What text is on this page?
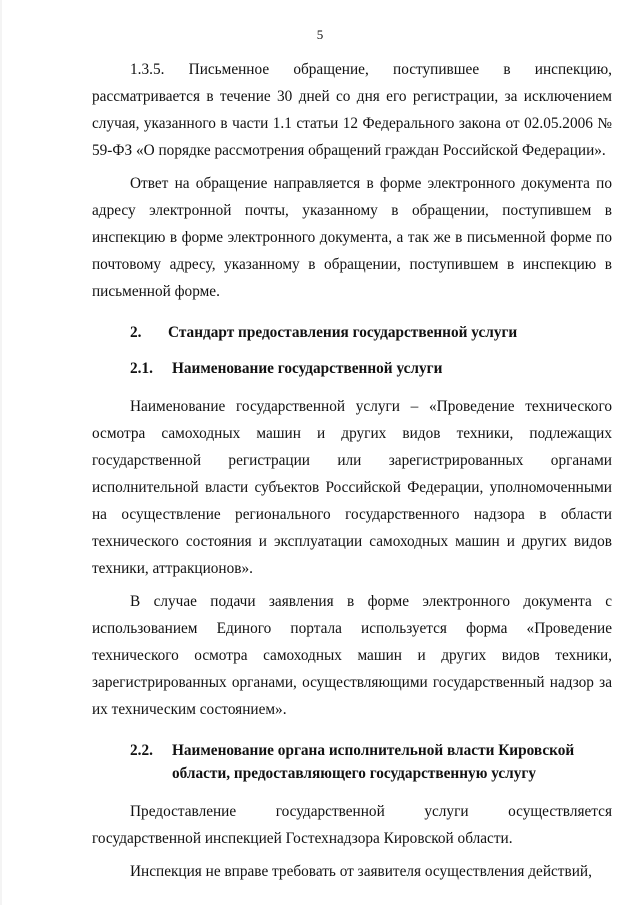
5

1.3.5. Письменное обращение, поступившее в инспекцию, рассматривается в течение 30 дней со дня его регистрации, за исключением случая, указанного в части 1.1 статьи 12 Федерального закона от 02.05.2006 № 59-ФЗ «О порядке рассмотрения обращений граждан Российской Федерации».

Ответ на обращение направляется в форме электронного документа по адресу электронной почты, указанному в обращении, поступившем в инспекцию в форме электронного документа, а так же в письменной форме по почтовому адресу, указанному в обращении, поступившем в инспекцию в письменной форме.

2.	Стандарт предоставления государственной услуги
2.1.	Наименование государственной услуги

Наименование государственной услуги – «Проведение технического осмотра самоходных машин и других видов техники, подлежащих государственной регистрации или зарегистрированных органами исполнительной власти субъектов Российской Федерации, уполномоченными на осуществление регионального государственного надзора в области технического состояния и эксплуатации самоходных машин и других видов техники, аттракционов».

В случае подачи заявления в форме электронного документа с использованием Единого портала используется форма «Проведение технического осмотра самоходных машин и других видов техники, зарегистрированных органами, осуществляющими государственный надзор за их техническим состоянием».

2.2.	Наименование органа исполнительной власти Кировской области, предоставляющего государственную услугу

Предоставление государственной услуги осуществляется государственной инспекцией Гостехнадзора Кировской области.

Инспекция не вправе требовать от заявителя осуществления действий,
